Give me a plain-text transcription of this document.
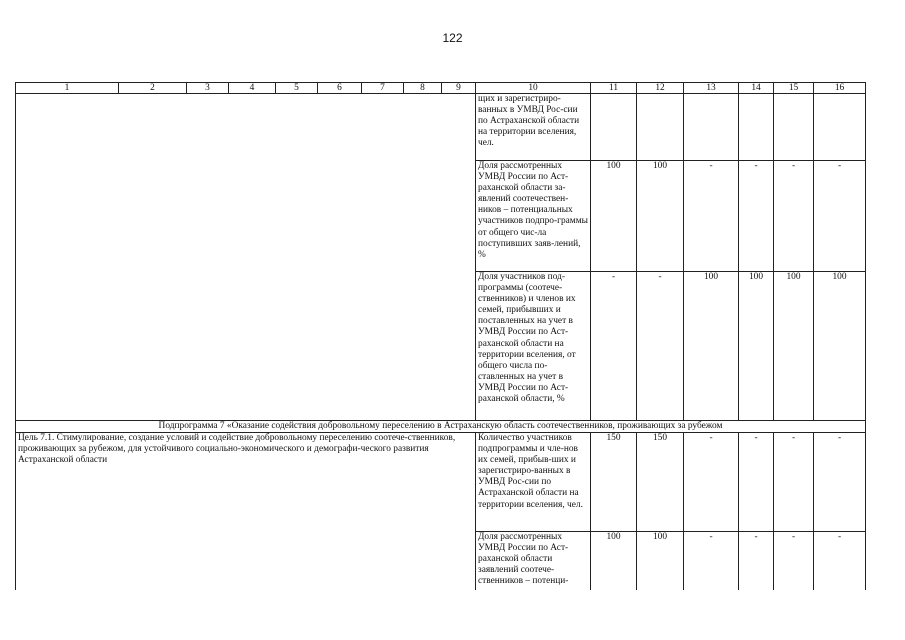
122
1	2	3	4	5	6	7	8	9	10	11	12	13	14	15	16
									щих и зарегистриро-ванных в УМВД Рос-сии по Астраханской области на территории вселения, чел.						
									Доля рассмотренных УМВД России по Аст-раханской области за-явлений соотечествен-ников – потенциальных участников подпро-граммы от общего чис-ла поступивших заяв-лений, %	100	100	-	-	-	-
									Доля участников под-программы (соотече-ственников) и членов их семей, прибывших и поставленных на учет в УМВД России по Аст-раханской области на территории вселения, от общего числа по-ставленных на учет в УМВД России по Аст-раханской области, %	-	-	100	100	100	100
Подпрограмма 7 «Оказание содействия добровольному переселению в Астраханскую область соотечественников, проживающих за рубежом															
Цель 7.1. Стимулирование, создание условий и содействие добровольному переселению соотече-ственников, проживающих за рубежом, для устойчивого социально-экономического и демографи-ческого развития Астраханской области									Количество участников подпрограммы и чле-нов их семей, прибыв-ших и зарегистриро-ванных в УМВД Рос-сии по Астраханской области на территории вселения, чел.	150	150	-	-	-	-
									Доля рассмотренных УМВД России по Аст-раханской области заявлений соотече-ственников – потенци-	100	100	-	-	-	-
